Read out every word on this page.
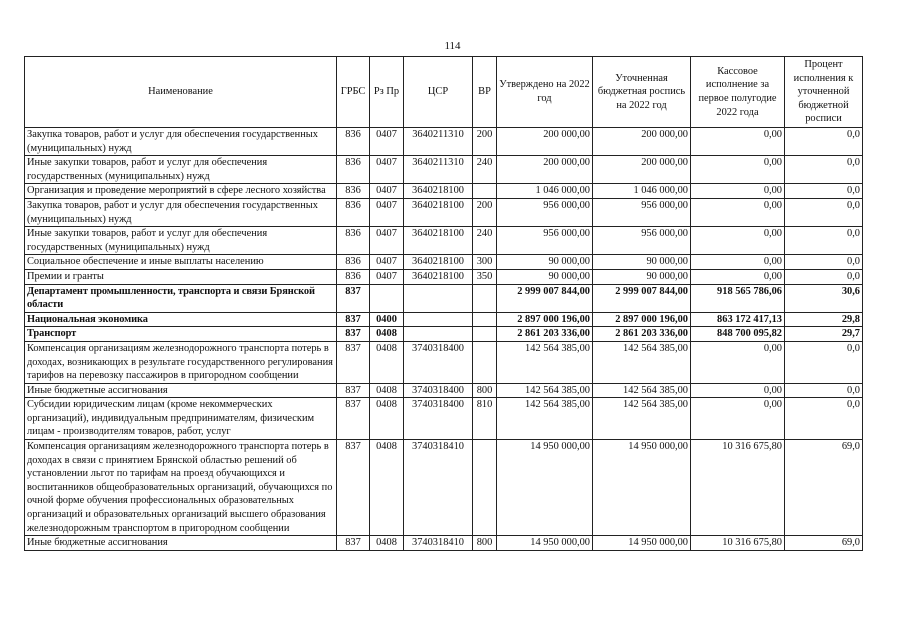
114
Наименование	ГРБС	Рз Пр	ЦСР	ВР	Утверждено на 2022 год	Уточненная бюджетная роспись на 2022 год	Кассовое исполнение за первое полугодие 2022 года	Процент исполнения к уточненной бюджетной росписи
Закупка товаров, работ и услуг для обеспечения государственных (муниципальных) нужд	836	0407	3640211310	200	200 000,00	200 000,00	0,00	0,0
Иные закупки товаров, работ и услуг для обеспечения государственных (муниципальных) нужд	836	0407	3640211310	240	200 000,00	200 000,00	0,00	0,0
Организация и проведение мероприятий в сфере лесного хозяйства	836	0407	3640218100		1 046 000,00	1 046 000,00	0,00	0,0
Закупка товаров, работ и услуг для обеспечения государственных (муниципальных) нужд	836	0407	3640218100	200	956 000,00	956 000,00	0,00	0,0
Иные закупки товаров, работ и услуг для обеспечения государственных (муниципальных) нужд	836	0407	3640218100	240	956 000,00	956 000,00	0,00	0,0
Социальное обеспечение и иные выплаты населению	836	0407	3640218100	300	90 000,00	90 000,00	0,00	0,0
Премии и гранты	836	0407	3640218100	350	90 000,00	90 000,00	0,00	0,0
Департамент промышленности, транспорта и связи Брянской области	837				2 999 007 844,00	2 999 007 844,00	918 565 786,06	30,6
Национальная экономика	837	0400			2 897 000 196,00	2 897 000 196,00	863 172 417,13	29,8
Транспорт	837	0408			2 861 203 336,00	2 861 203 336,00	848 700 095,82	29,7
Компенсация организациям железнодорожного транспорта потерь в доходах, возникающих в результате государственного регулирования тарифов на перевозку пассажиров в пригородном сообщении	837	0408	3740318400		142 564 385,00	142 564 385,00	0,00	0,0
Иные бюджетные ассигнования	837	0408	3740318400	800	142 564 385,00	142 564 385,00	0,00	0,0
Субсидии юридическим лицам (кроме некоммерческих организаций), индивидуальным предпринимателям, физическим лицам - производителям товаров, работ, услуг	837	0408	3740318400	810	142 564 385,00	142 564 385,00	0,00	0,0
Компенсация организациям железнодорожного транспорта потерь в доходах в связи с принятием Брянской областью решений об установлении льгот по тарифам на проезд обучающихся и воспитанников общеобразовательных организаций, обучающихся по очной форме обучения профессиональных образовательных организаций и образовательных организаций высшего образования железнодорожным транспортом в пригородном сообщении	837	0408	3740318410		14 950 000,00	14 950 000,00	10 316 675,80	69,0
Иные бюджетные ассигнования	837	0408	3740318410	800	14 950 000,00	14 950 000,00	10 316 675,80	69,0
